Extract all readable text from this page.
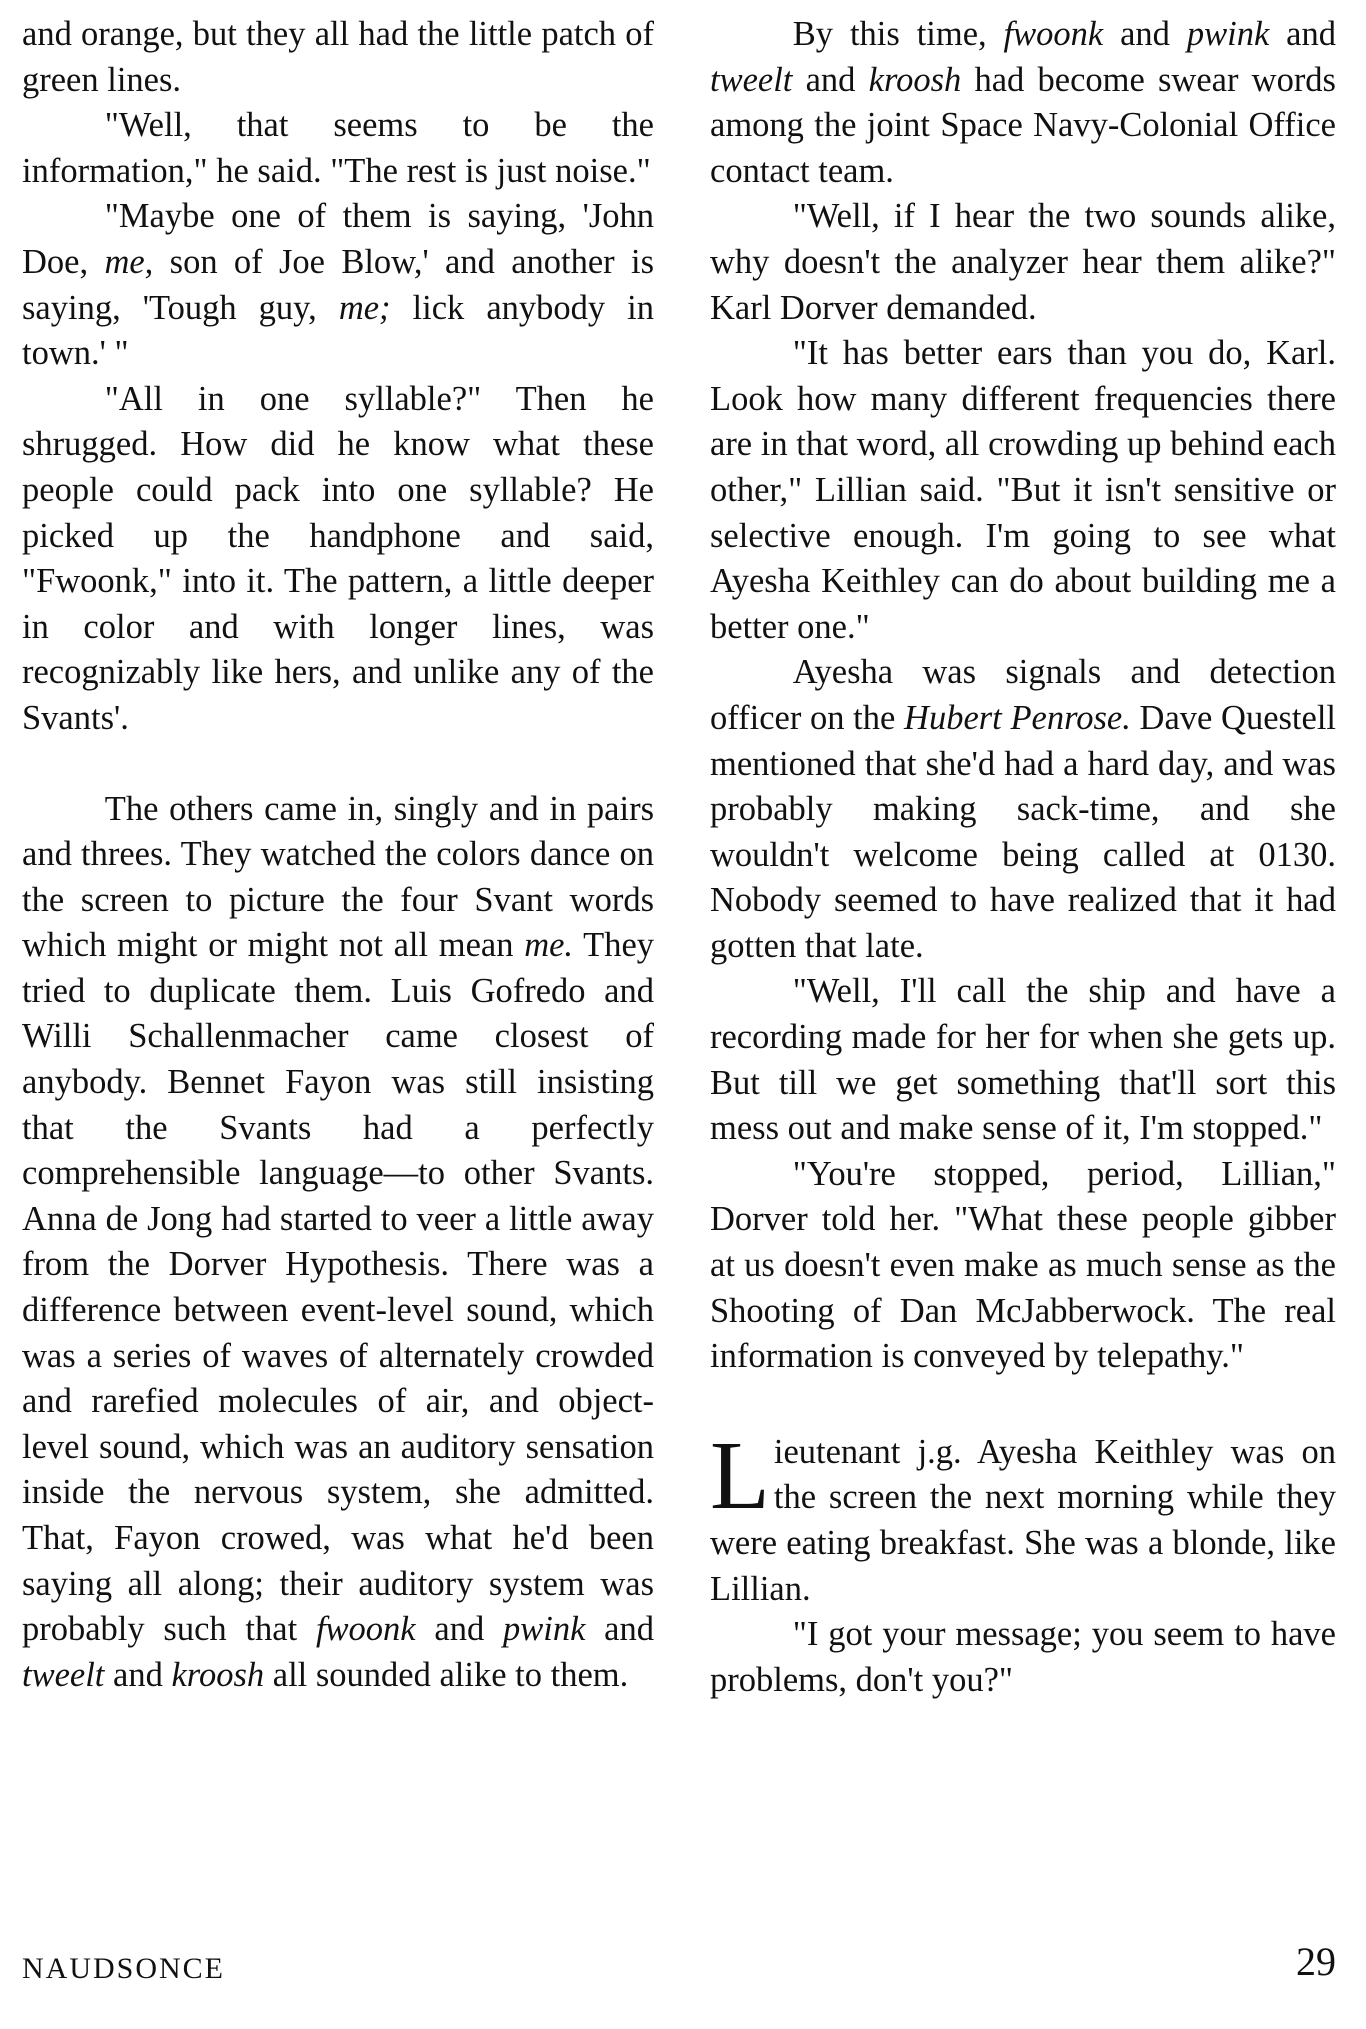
and orange, but they all had the little patch of green lines.

"Well, that seems to be the information," he said. "The rest is just noise."

"Maybe one of them is saying, 'John Doe, me, son of Joe Blow,' and another is saying, 'Tough guy, me; lick anybody in town.' "

"All in one syllable?" Then he shrugged. How did he know what these people could pack into one syllable? He picked up the handphone and said, "Fwoonk," into it. The pattern, a little deeper in color and with longer lines, was recognizably like hers, and unlike any of the Svants'.

The others came in, singly and in pairs and threes. They watched the colors dance on the screen to picture the four Svant words which might or might not all mean me. They tried to duplicate them. Luis Gofredo and Willi Schallenmacher came closest of anybody. Bennet Fayon was still insisting that the Svants had a perfectly comprehensible language—to other Svants. Anna de Jong had started to veer a little away from the Dorver Hypothesis. There was a difference between event-level sound, which was a series of waves of alternately crowded and rarefied molecules of air, and object-level sound, which was an auditory sensation inside the nervous system, she admitted. That, Fayon crowed, was what he'd been saying all along; their auditory system was probably such that fwoonk and pwink and tweelt and kroosh all sounded alike to them.

By this time, fwoonk and pwink and tweelt and kroosh had become swear words among the joint Space Navy-Colonial Office contact team.

"Well, if I hear the two sounds alike, why doesn't the analyzer hear them alike?" Karl Dorver demanded.

"It has better ears than you do, Karl. Look how many different frequencies there are in that word, all crowding up behind each other," Lillian said. "But it isn't sensitive or selective enough. I'm going to see what Ayesha Keithley can do about building me a better one."

Ayesha was signals and detection officer on the Hubert Penrose. Dave Questell mentioned that she'd had a hard day, and was probably making sack-time, and she wouldn't welcome being called at 0130. Nobody seemed to have realized that it had gotten that late.

"Well, I'll call the ship and have a recording made for her for when she gets up. But till we get something that'll sort this mess out and make sense of it, I'm stopped."

"You're stopped, period, Lillian," Dorver told her. "What these people gibber at us doesn't even make as much sense as the Shooting of Dan McJabberwock. The real information is conveyed by telepathy."

Lieutenant j.g. Ayesha Keithley was on the screen the next morning while they were eating breakfast. She was a blonde, like Lillian.

"I got your message; you seem to have problems, don't you?"

NAUDSONCE	29
